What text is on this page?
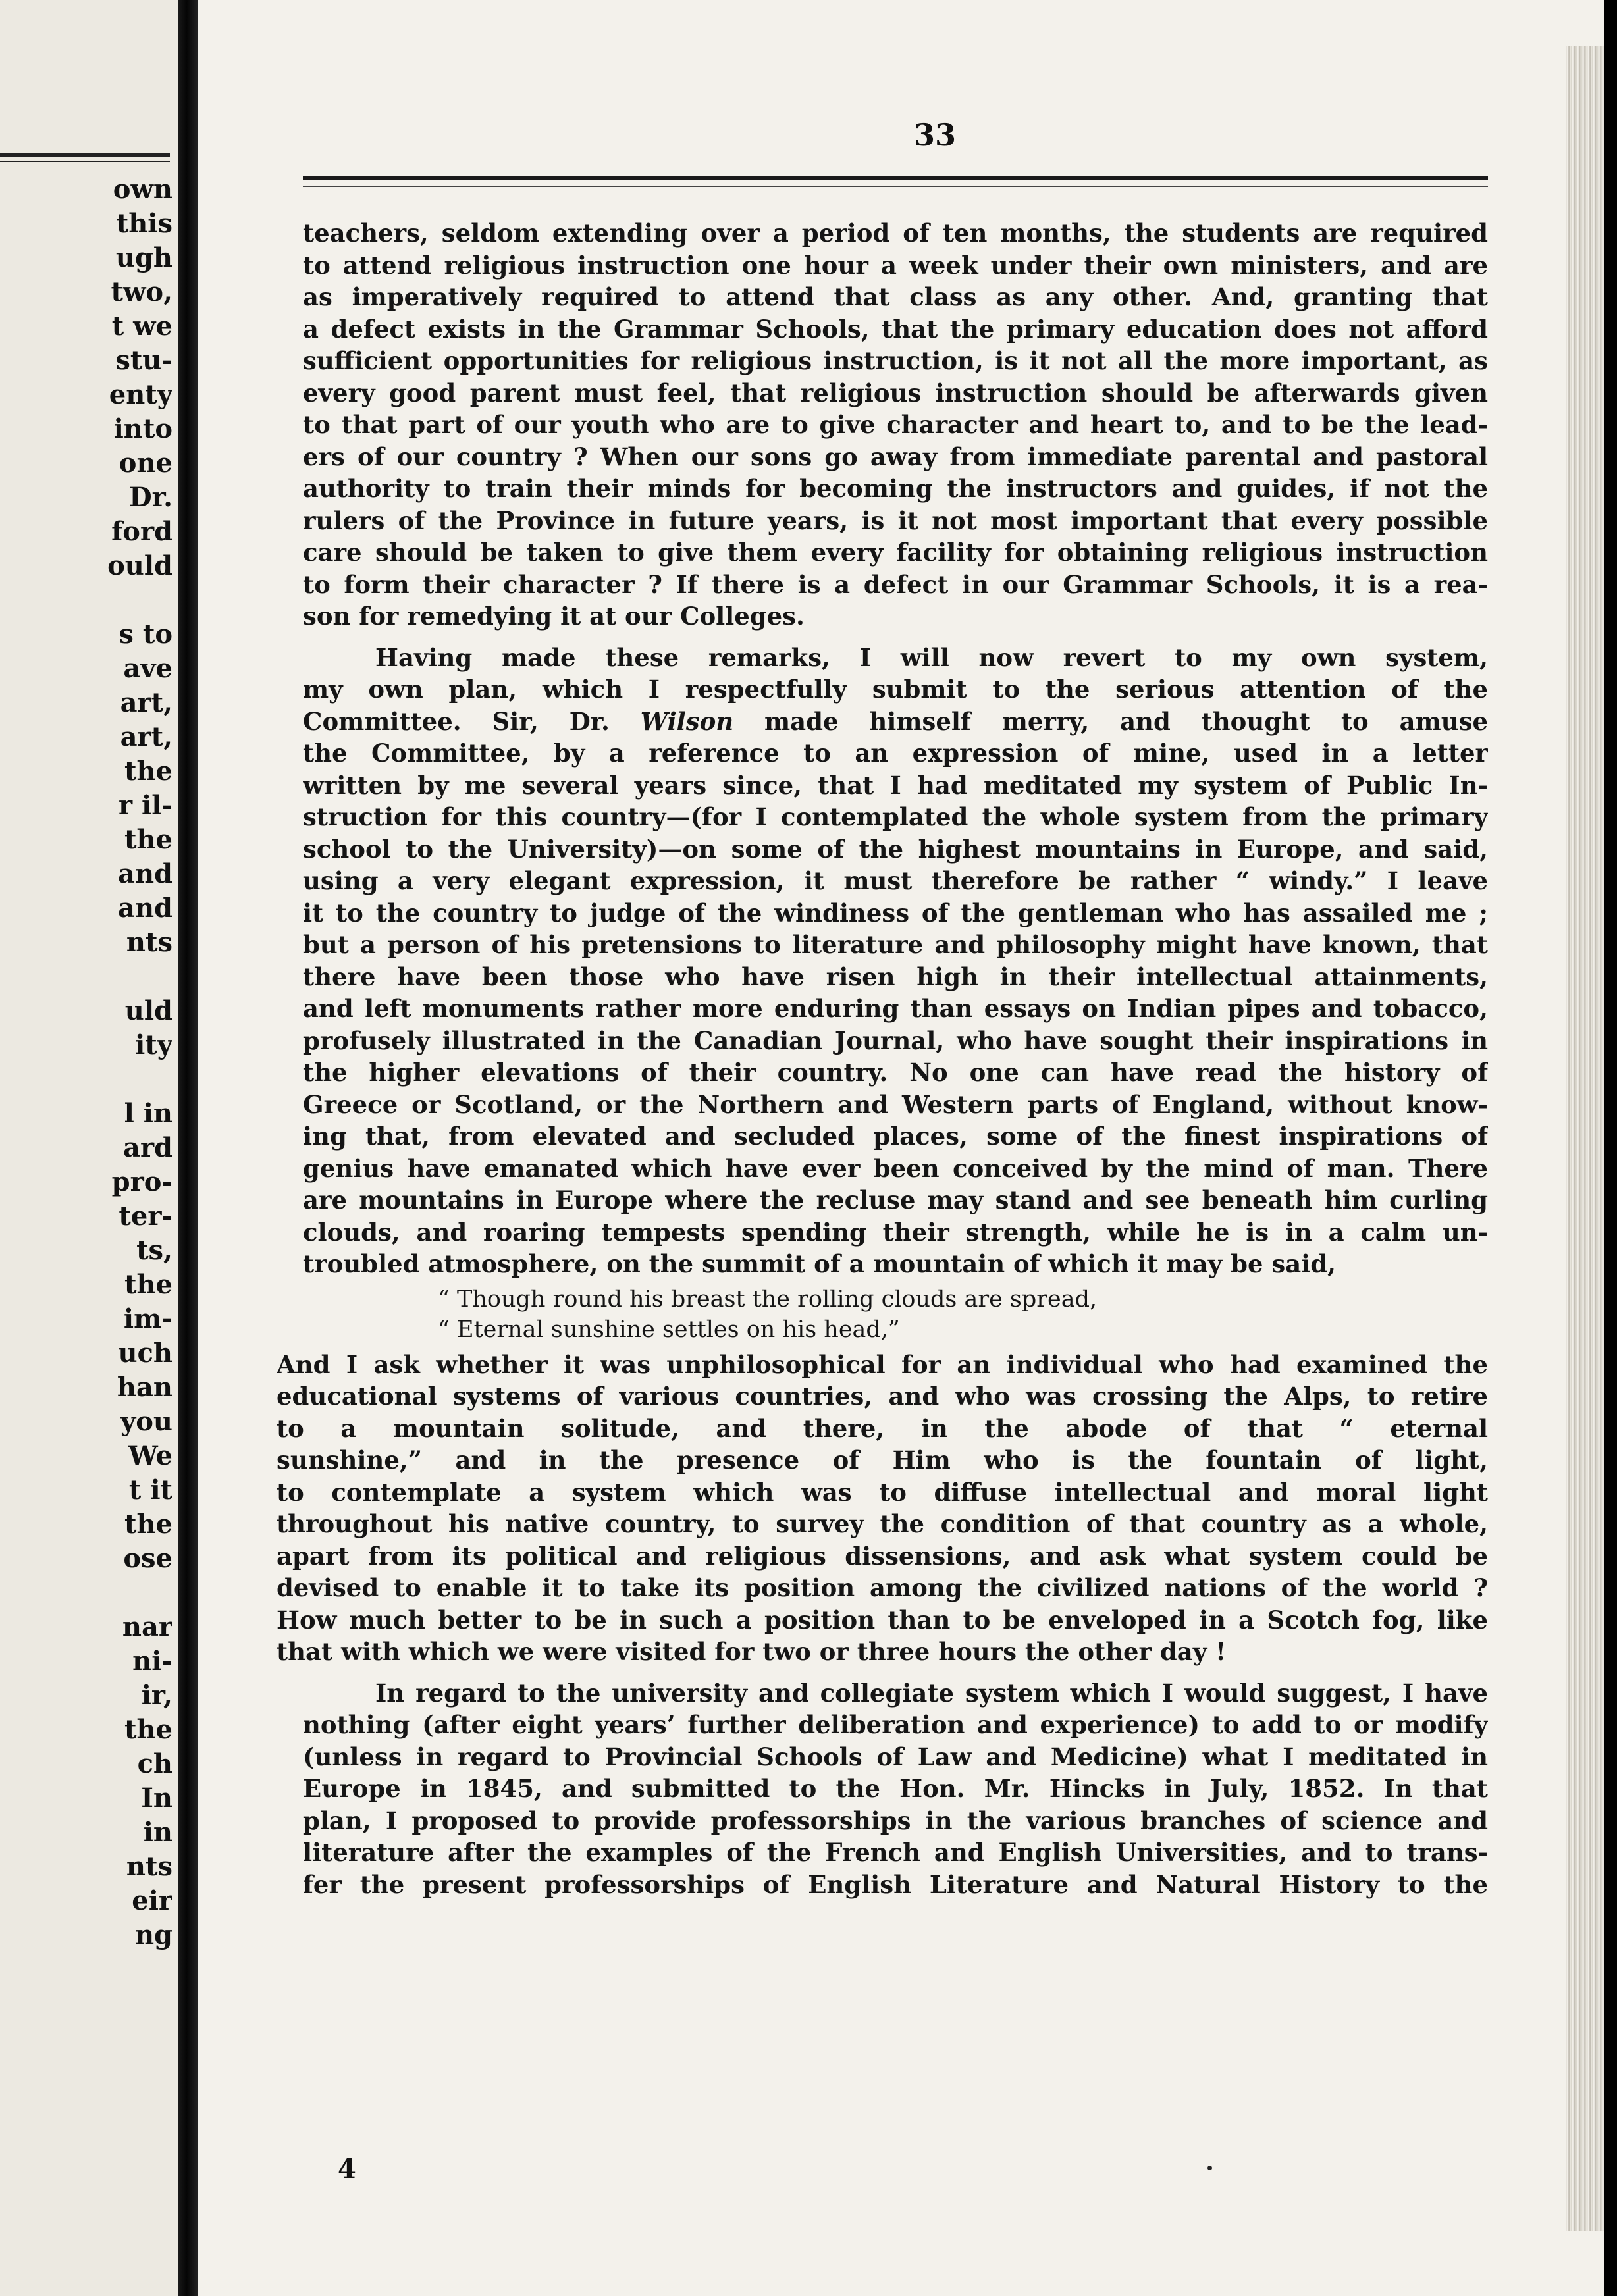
own
this
ugh
two,
t we
stu-
enty
into
one
Dr.
ford
ould
s to
ave
art,
art,
the
r il-
the
and
and
nts
uld
ity
l in
ard
pro-
ter-
ts,
the
im-
uch
han
you
We
t it
the
ose
nar
ni-
ir,
the
ch
In
in
nts
eir
ng
33
teachers, seldom extending over a period of ten months, the students are required
to attend religious instruction one hour a week under their own ministers, and are
as imperatively required to attend that class as any other. And, granting that
a defect exists in the Grammar Schools, that the primary education does not afford
sufficient opportunities for religious instruction, is it not all the more important, as
every good parent must feel, that religious instruction should be afterwards given
to that part of our youth who are to give character and heart to, and to be the lead-
ers of our country ? When our sons go away from immediate parental and pastoral
authority to train their minds for becoming the instructors and guides, if not the
rulers of the Province in future years, is it not most important that every possible
care should be taken to give them every facility for obtaining religious instruction
to form their character ? If there is a defect in our Grammar Schools, it is a rea-
son for remedying it at our Colleges.
Having made these remarks, I will now revert to my own system,
my own plan, which I respectfully submit to the serious attention of the
Committee. Sir, Dr. Wilson made himself merry, and thought to amuse
the Committee, by a reference to an expression of mine, used in a letter
written by me several years since, that I had meditated my system of Public In-
struction for this country—(for I contemplated the whole system from the primary
school to the University)—on some of the highest mountains in Europe, and said,
using a very elegant expression, it must therefore be rather “ windy.” I leave
it to the country to judge of the windiness of the gentleman who has assailed me ;
but a person of his pretensions to literature and philosophy might have known, that
there have been those who have risen high in their intellectual attainments,
and left monuments rather more enduring than essays on Indian pipes and tobacco,
profusely illustrated in the Canadian Journal, who have sought their inspirations in
the higher elevations of their country. No one can have read the history of
Greece or Scotland, or the Northern and Western parts of England, without know-
ing that, from elevated and secluded places, some of the finest inspirations of
genius have emanated which have ever been conceived by the mind of man. There
are mountains in Europe where the recluse may stand and see beneath him curling
clouds, and roaring tempests spending their strength, while he is in a calm un-
troubled atmosphere, on the summit of a mountain of which it may be said,
“ Though round his breast the rolling clouds are spread,
“ Eternal sunshine settles on his head,”
And I ask whether it was unphilosophical for an individual who had examined the
educational systems of various countries, and who was crossing the Alps, to retire
to a mountain solitude, and there, in the abode of that “ eternal
sunshine,” and in the presence of Him who is the fountain of light,
to contemplate a system which was to diffuse intellectual and moral light
throughout his native country, to survey the condition of that country as a whole,
apart from its political and religious dissensions, and ask what system could be
devised to enable it to take its position among the civilized nations of the world ?
How much better to be in such a position than to be enveloped in a Scotch fog, like
that with which we were visited for two or three hours the other day !
In regard to the university and collegiate system which I would suggest, I have
nothing (after eight years’ further deliberation and experience) to add to or modify
(unless in regard to Provincial Schools of Law and Medicine) what I meditated in
Europe in 1845, and submitted to the Hon. Mr. Hincks in July, 1852. In that
plan, I proposed to provide professorships in the various branches of science and
literature after the examples of the French and English Universities, and to trans-
fer the present professorships of English Literature and Natural History to the
4
